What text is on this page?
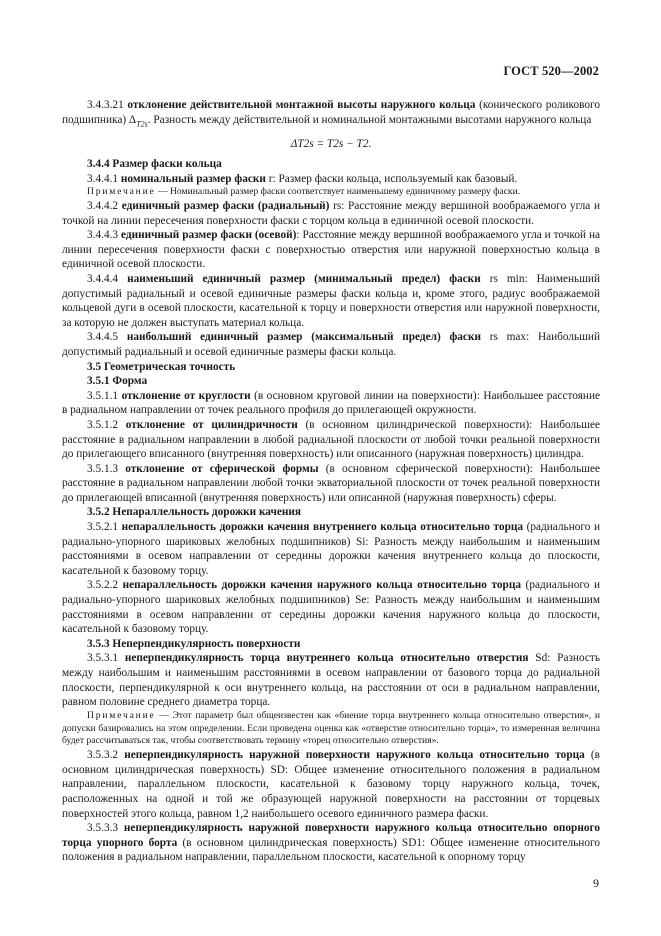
ГОСТ 520—2002

3.4.3.21 отклонение действительной монтажной высоты наружного кольца (конического роликового подшипника) $\Delta_{T2s}$. Разность между действительной и номинальной монтажными высотами наружного кольца

ΔT2s = T2s − T2.

3.4.4 Размер фаски кольца

3.4.4.1 номинальный размер фаски r: Размер фаски кольца, используемый как базовый.

Примечание — Номинальный размер фаски соответствует наименьшему единичному размеру фаски.

3.4.4.2 единичный размер фаски (радиальный) rs: Расстояние между вершиной воображаемого угла и точкой на линии пересечения поверхности фаски с торцом кольца в единичной осевой плоскости.

3.4.4.3 единичный размер фаски (осевой): Расстояние между вершиной воображаемого угла и точкой на линии пересечения поверхности фаски с поверхностью отверстия или наружной поверхностью кольца в единичной осевой плоскости.

3.4.4.4 наименьший единичный размер (минимальный предел) фаски rs min: Наименьший допустимый радиальный и осевой единичные размеры фаски кольца и, кроме этого, радиус воображаемой кольцевой дуги в осевой плоскости, касательной к торцу и поверхности отверстия или наружной поверхности, за которую не должен выступать материал кольца.

3.4.4.5 наибольший единичный размер (максимальный предел) фаски rs max: Наибольший допустимый радиальный и осевой единичные размеры фаски кольца.

3.5 Геометрическая точность

3.5.1 Форма

3.5.1.1 отклонение от круглости (в основном круговой линии на поверхности): Наибольшее расстояние в радиальном направлении от точек реального профиля до прилегающей окружности.

3.5.1.2 отклонение от цилиндричности (в основном цилиндрической поверхности): Наибольшее расстояние в радиальном направлении в любой радиальной плоскости от любой точки реальной поверхности до прилегающего вписанного (внутренняя поверхность) или описанного (наружная поверхность) цилиндра.

3.5.1.3 отклонение от сферической формы (в основном сферической поверхности): Наибольшее расстояние в радиальном направлении любой точки экваториальной плоскости от точек реальной поверхности до прилегающей вписанной (внутренняя поверхность) или описанной (наружная поверхность) сферы.

3.5.2 Непараллельность дорожки качения

3.5.2.1 непараллельность дорожки качения внутреннего кольца относительно торца (радиального и радиально-упорного шариковых желобных подшипников) Si: Разность между наибольшим и наименьшим расстояниями в осевом направлении от середины дорожки качения внутреннего кольца до плоскости, касательной к базовому торцу.

3.5.2.2 непараллельность дорожки качения наружного кольца относительно торца (радиального и радиально-упорного шариковых желобных подшипников) Se: Разность между наибольшим и наименьшим расстояниями в осевом направлении от середины дорожки качения наружного кольца до плоскости, касательной к базовому торцу.

3.5.3 Неперпендикулярность поверхности

3.5.3.1 неперпендикулярность торца внутреннего кольца относительно отверстия Sd: Разность между наибольшим и наименьшим расстояниями в осевом направлении от базового торца до радиальной плоскости, перпендикулярной к оси внутреннего кольца, на расстоянии от оси в радиальном направлении, равном половине среднего диаметра торца.

Примечание — Этот параметр был общеизвестен как «биение торца внутреннего кольца относительно отверстия», и допуски базировались на этом определении. Если проведена оценка как «отверстие относительно торца», то измеренная величина будет рассчитываться так, чтобы соответствовать термину «торец относительно отверстия».

3.5.3.2 неперпендикулярность наружной поверхности наружного кольца относительно торца (в основном цилиндрическая поверхность) SD: Общее изменение относительного положения в радиальном направлении, параллельном плоскости, касательной к базовому торцу наружного кольца, точек, расположенных на одной и той же образующей наружной поверхности на расстоянии от торцевых поверхностей этого кольца, равном 1,2 наибольшего осевого единичного размера фаски.

3.5.3.3 неперпендикулярность наружной поверхности наружного кольца относительно опорного торца упорного борта (в основном цилиндрическая поверхность) SD1: Общее изменение относительного положения в радиальном направлении, параллельном плоскости, касательной к опорному торцу

9
